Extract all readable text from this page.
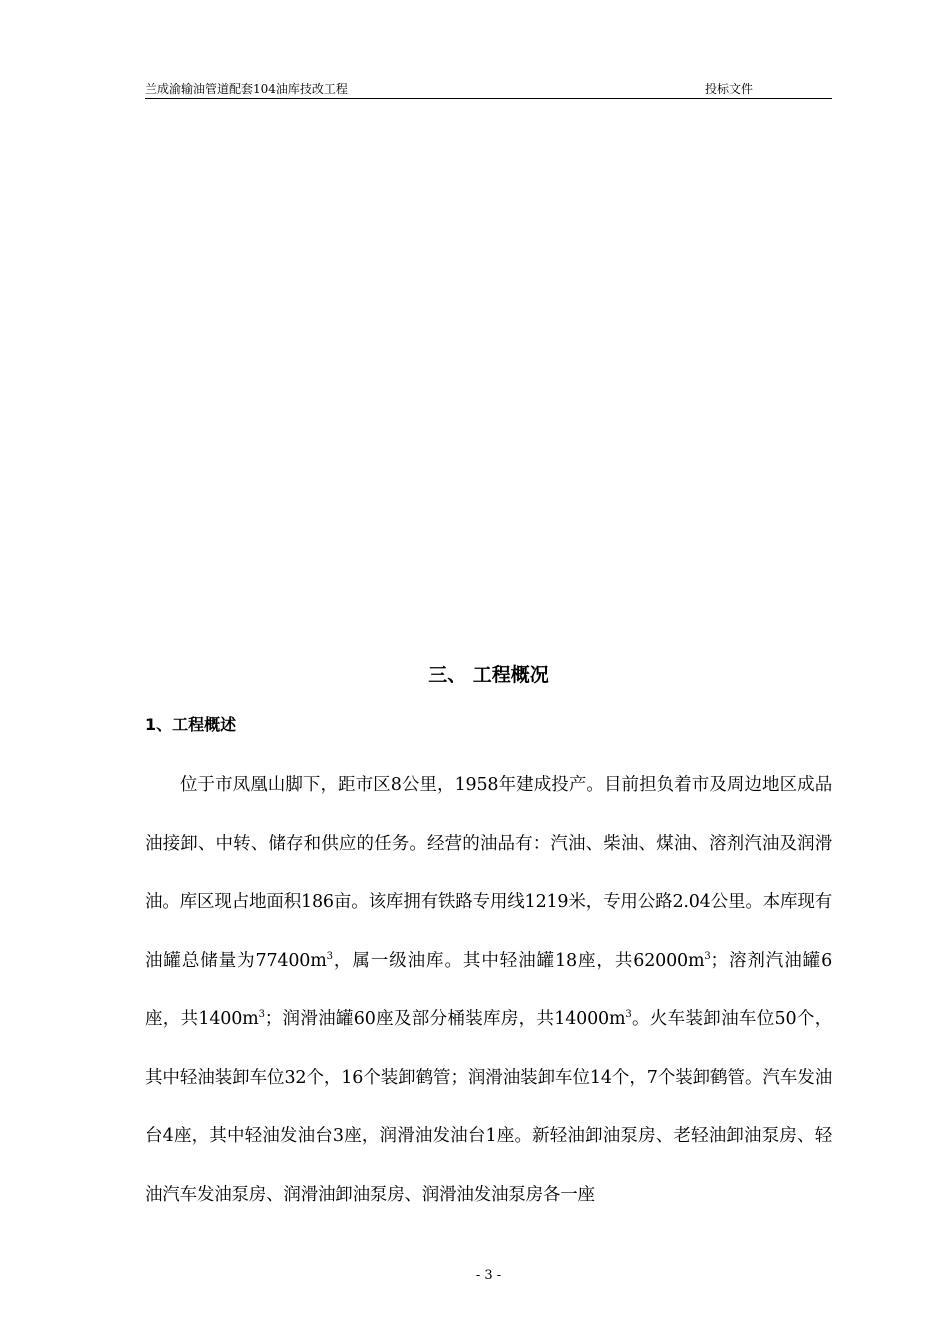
兰成渝输油管道配套104油库技改工程	投标文件
三、 工程概况
1、工程概述

位于市凤凰山脚下，距市区8公里，1958年建成投产。目前担负着市及周边地区成品油接卸、中转、储存和供应的任务。经营的油品有：汽油、柴油、煤油、溶剂汽油及润滑油。库区现占地面积186亩。该库拥有铁路专用线1219米，专用公路2.04公里。本库现有油罐总储量为$77400m^3$，属一级油库。其中轻油罐18座，共$62000m^3$；溶剂汽油罐6座，共$1400m^3$；润滑油罐60座及部分桶装库房，共$14000m^3$。火车装卸油车位50个，其中轻油装卸车位32个，16个装卸鹤管；润滑油装卸车位14个，7个装卸鹤管。汽车发油台4座，其中轻油发油台3座，润滑油发油台1座。新轻油卸油泵房、老轻油卸油泵房、轻油汽车发油泵房、润滑油卸油泵房、润滑油发油泵房各一座

- 3 -
